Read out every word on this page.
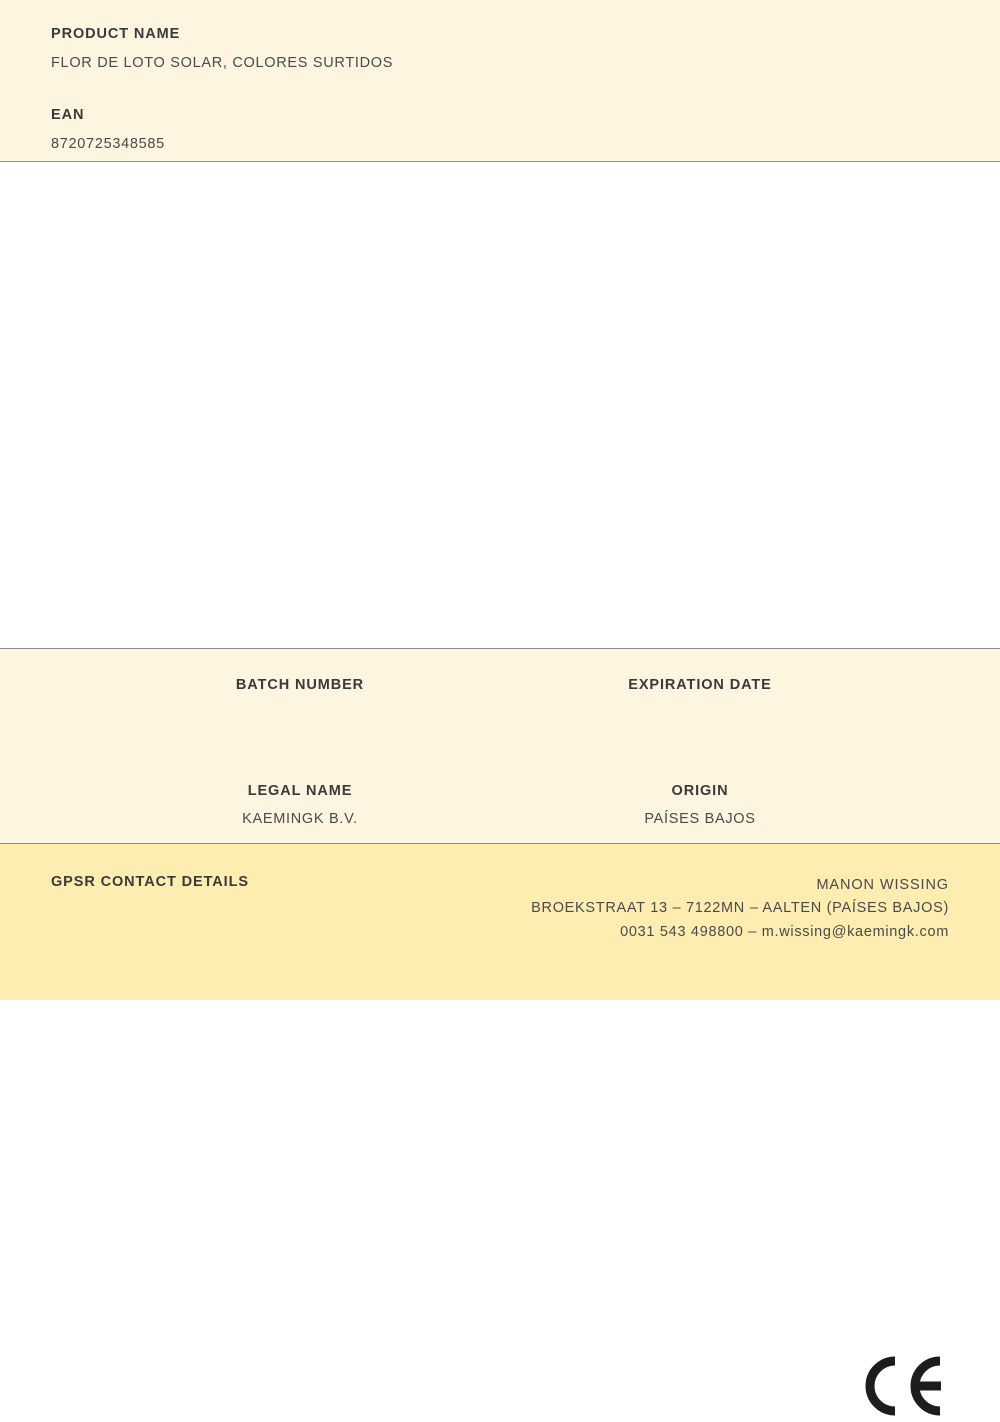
PRODUCT NAME
FLOR DE LOTO SOLAR, COLORES SURTIDOS
EAN
8720725348585
BATCH NUMBER	EXPIRATION DATE
LEGAL NAME
KAEMINGK B.V.
ORIGIN
PAÍSES BAJOS
GPSR CONTACT DETAILS	MANON WISSING
BROEKSTRAAT 13 – 7122MN – AALTEN (PAÍSES BAJOS)
0031 543 498800 – m.wissing@kaemingk.com
